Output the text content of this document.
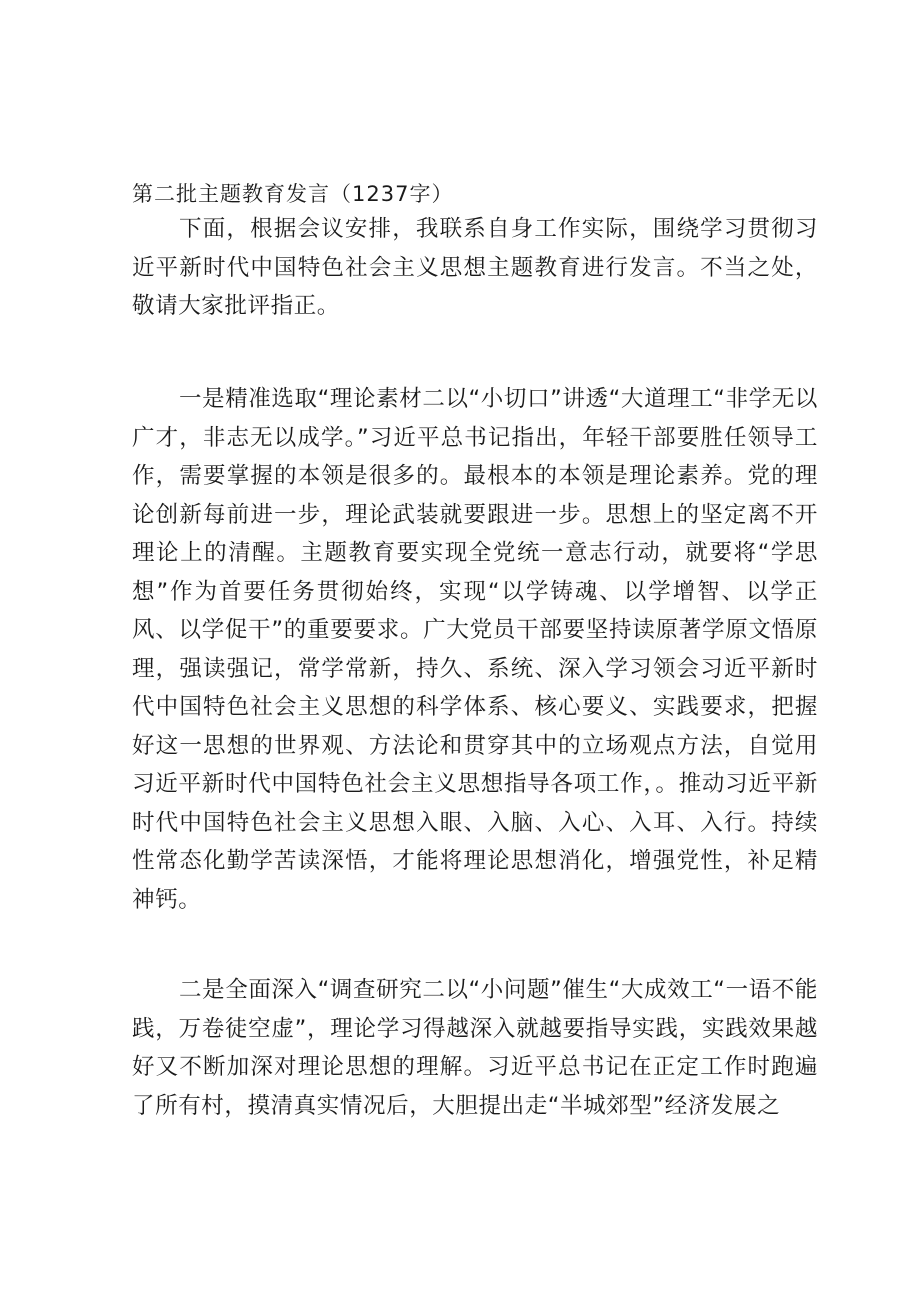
第二批主题教育发言（1237字）

下面，根据会议安排，我联系自身工作实际，围绕学习贯彻习近平新时代中国特色社会主义思想主题教育进行发言。不当之处，敬请大家批评指正。

一是精准选取“理论素材二以“小切口”讲透“大道理工“非学无以广才，非志无以成学。”习近平总书记指出，年轻干部要胜任领导工作，需要掌握的本领是很多的。最根本的本领是理论素养。党的理论创新每前进一步，理论武装就要跟进一步。思想上的坚定离不开理论上的清醒。主题教育要实现全党统一意志行动，就要将“学思想”作为首要任务贯彻始终，实现“以学铸魂、以学增智、以学正风、以学促干”的重要要求。广大党员干部要坚持读原著学原文悟原理，强读强记，常学常新，持久、系统、深入学习领会习近平新时代中国特色社会主义思想的科学体系、核心要义、实践要求，把握好这一思想的世界观、方法论和贯穿其中的立场观点方法，自觉用习近平新时代中国特色社会主义思想指导各项工作，。推动习近平新时代中国特色社会主义思想入眼、入脑、入心、入耳、入行。持续性常态化勤学苦读深悟，才能将理论思想消化，增强党性，补足精神钙。

二是全面深入“调查研究二以“小问题”催生“大成效工“一语不能践，万卷徒空虚”，理论学习得越深入就越要指导实践，实践效果越好又不断加深对理论思想的理解。习近平总书记在正定工作时跑遍了所有村，摸清真实情况后，大胆提出走“半城郊型”经济发展之
